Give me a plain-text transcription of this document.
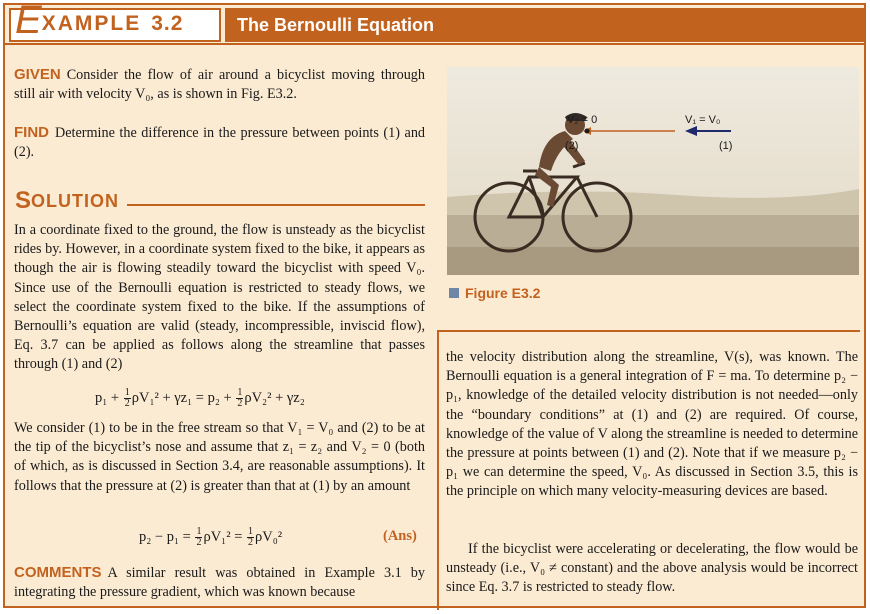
E XAMPLE 3.2	The Bernoulli Equation
GIVEN Consider the flow of air around a bicyclist moving through still air with velocity V₀, as is shown in Fig. E3.2.
FIND Determine the difference in the pressure between points (1) and (2).
S OLUTION
In a coordinate fixed to the ground, the flow is unsteady as the bicyclist rides by. However, in a coordinate system fixed to the bike, it appears as though the air is flowing steadily toward the bicyclist with speed V₀. Since use of the Bernoulli equation is restricted to steady flows, we select the coordinate system fixed to the bike. If the assumptions of Bernoulli’s equation are valid (steady, incompressible, inviscid flow), Eq. 3.7 can be applied as follows along the streamline that passes through (1) and (2)
$p_1 + \frac{1}{2} \rho V_1^2 + \gamma z_1 = p_2 + \frac{1}{2} \rho V_2^2 + \gamma z_2$
We consider (1) to be in the free stream so that V₁ = V₀ and (2) to be at the tip of the bicyclist’s nose and assume that z₁ = z₂ and V₂ = 0 (both of which, as is discussed in Section 3.4, are reasonable assumptions). It follows that the pressure at (2) is greater than that at (1) by an amount
$p_2 - p_1 = \frac{1}{2} \rho V_1^2 = \frac{1}{2} \rho V_0^2$	(Ans)
COMMENTS A similar result was obtained in Example 3.1 by integrating the pressure gradient, which was known because
V₂ = 0	V₁ = V₀
(2)	(1)
Figure E3.2
the velocity distribution along the streamline, V(s), was known. The Bernoulli equation is a general integration of F = ma. To determine p₂ − p₁, knowledge of the detailed velocity distribution is not needed—only the “boundary conditions” at (1) and (2) are required. Of course, knowledge of the value of V along the streamline is needed to determine the pressure at points between (1) and (2). Note that if we measure p₂ − p₁ we can determine the speed, V₀. As discussed in Section 3.5, this is the principle on which many velocity-measuring devices are based.
If the bicyclist were accelerating or decelerating, the flow would be unsteady (i.e., V₀ ≠ constant) and the above analysis would be incorrect since Eq. 3.7 is restricted to steady flow.
